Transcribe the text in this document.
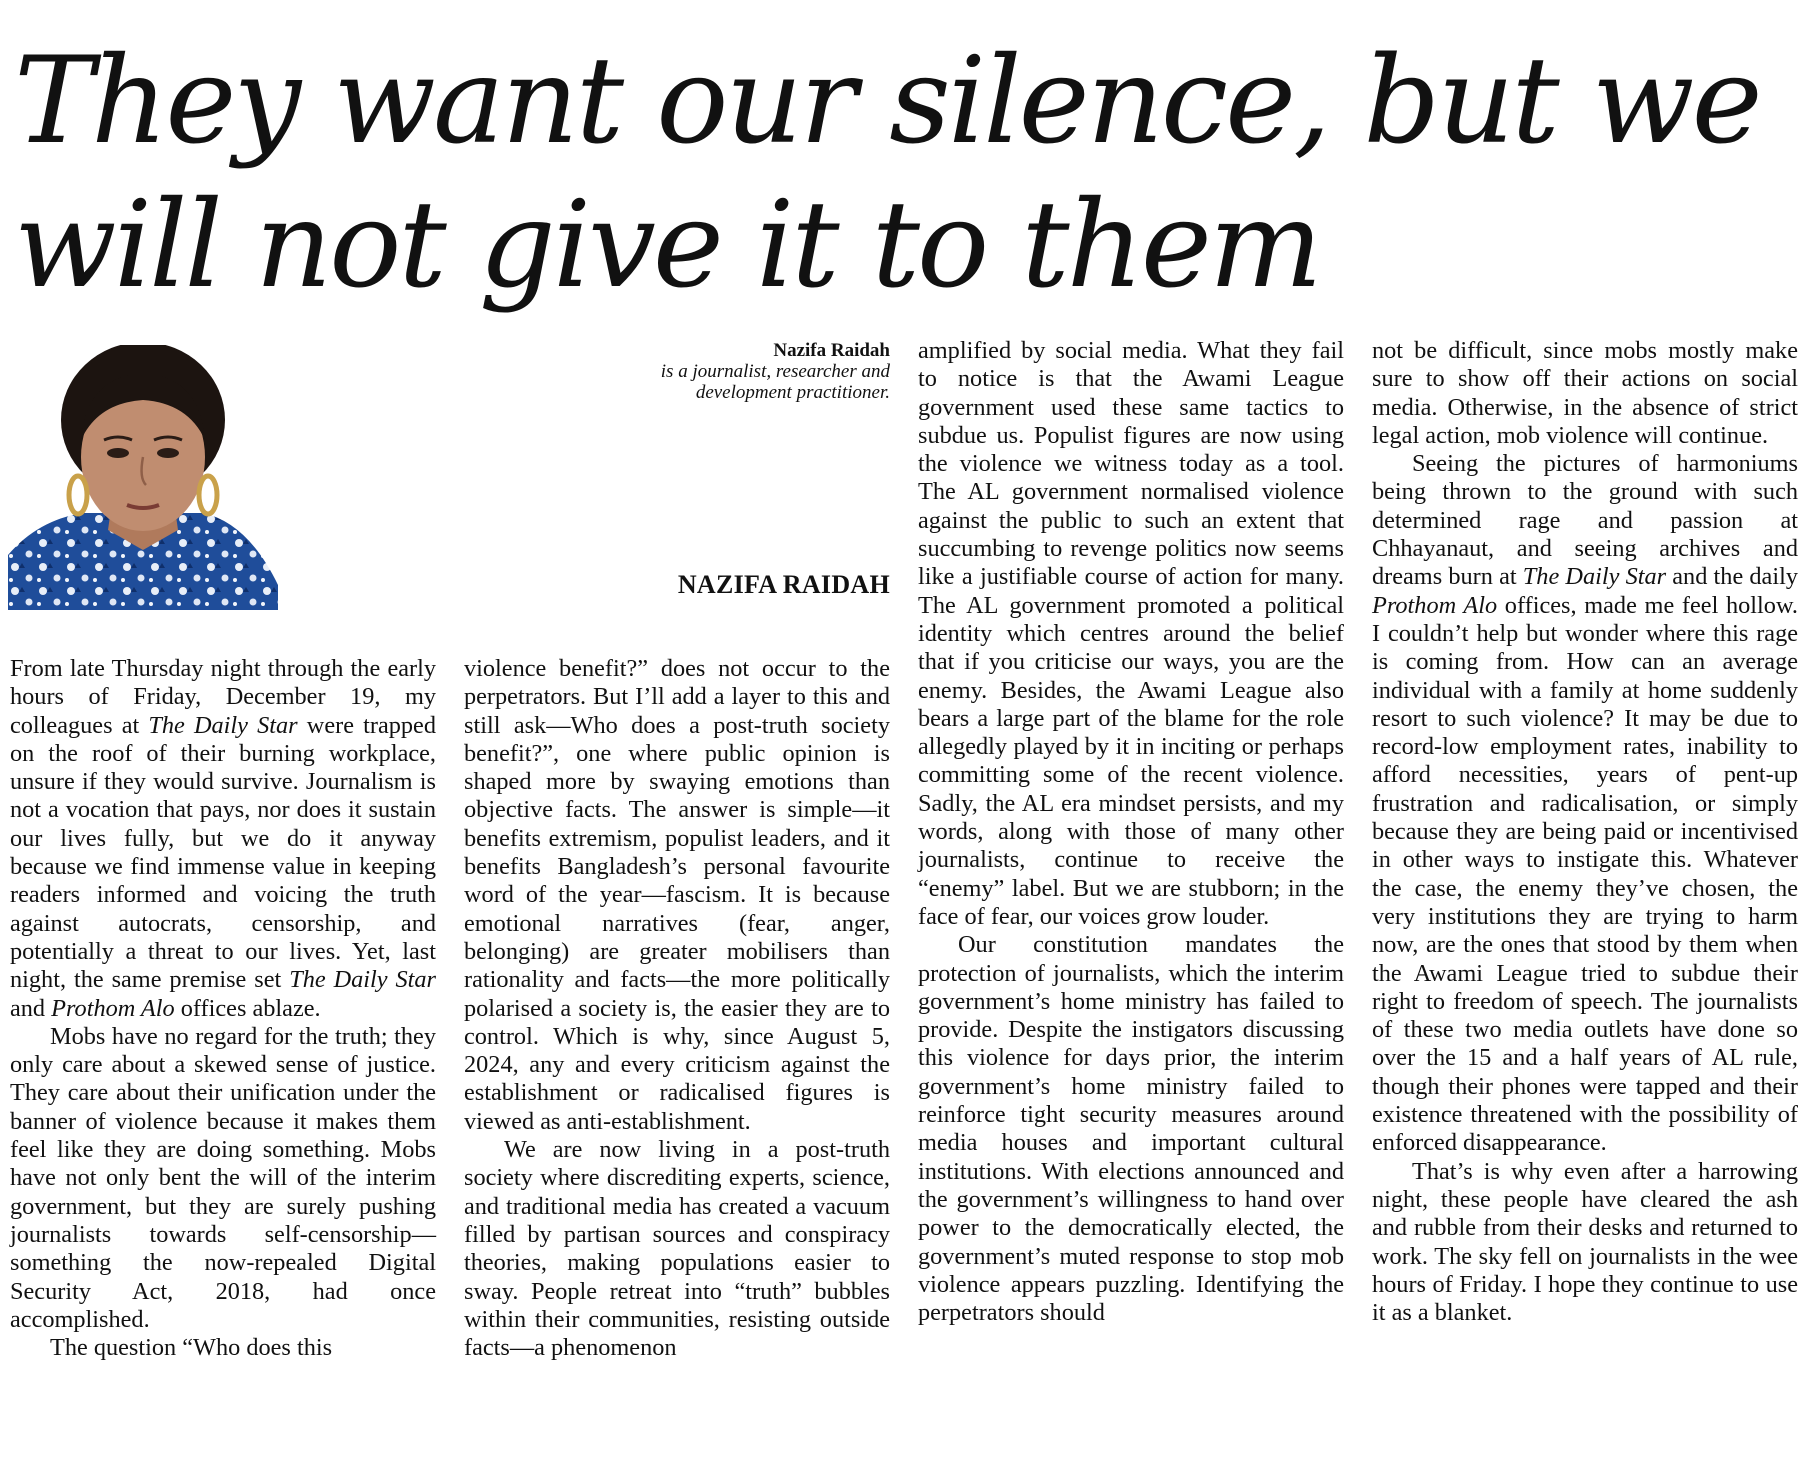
They want our silence, but we will not give it to them
Nazifa Raidah
is a journalist, researcher and
development practitioner.
NAZIFA RAIDAH

From late Thursday night through the early hours of Friday, December 19, my colleagues at The Daily Star were trapped on the roof of their burning workplace, unsure if they would survive. Journalism is not a vocation that pays, nor does it sustain our lives fully, but we do it anyway because we find immense value in keeping readers informed and voicing the truth against autocrats, censorship, and potentially a threat to our lives. Yet, last night, the same premise set The Daily Star and Prothom Alo offices ablaze.

Mobs have no regard for the truth; they only care about a skewed sense of justice. They care about their unification under the banner of violence because it makes them feel like they are doing something. Mobs have not only bent the will of the interim government, but they are surely pushing journalists towards self-censorship—something the now-repealed Digital Security Act, 2018, had once accomplished.

The question “Who does this

violence benefit?” does not occur to the perpetrators. But I’ll add a layer to this and still ask—Who does a post-truth society benefit?”, one where public opinion is shaped more by swaying emotions than objective facts. The answer is simple—it benefits extremism, populist leaders, and it benefits Bangladesh’s personal favourite word of the year—fascism. It is because emotional narratives (fear, anger, belonging) are greater mobilisers than rationality and facts—the more politically polarised a society is, the easier they are to control. Which is why, since August 5, 2024, any and every criticism against the establishment or radicalised figures is viewed as anti-establishment.

We are now living in a post-truth society where discrediting experts, science, and traditional media has created a vacuum filled by partisan sources and conspiracy theories, making populations easier to sway. People retreat into “truth” bubbles within their communities, resisting outside facts—a phenomenon

amplified by social media. What they fail to notice is that the Awami League government used these same tactics to subdue us. Populist figures are now using the violence we witness today as a tool. The AL government normalised violence against the public to such an extent that succumbing to revenge politics now seems like a justifiable course of action for many. The AL government promoted a political identity which centres around the belief that if you criticise our ways, you are the enemy. Besides, the Awami League also bears a large part of the blame for the role allegedly played by it in inciting or perhaps committing some of the recent violence. Sadly, the AL era mindset persists, and my words, along with those of many other journalists, continue to receive the “enemy” label. But we are stubborn; in the face of fear, our voices grow louder.

Our constitution mandates the protection of journalists, which the interim government’s home ministry has failed to provide. Despite the instigators discussing this violence for days prior, the interim government’s home ministry failed to reinforce tight security measures around media houses and important cultural institutions. With elections announced and the government’s willingness to hand over power to the democratically elected, the government’s muted response to stop mob violence appears puzzling. Identifying the perpetrators should

not be difficult, since mobs mostly make sure to show off their actions on social media. Otherwise, in the absence of strict legal action, mob violence will continue.

Seeing the pictures of harmoniums being thrown to the ground with such determined rage and passion at Chhayanaut, and seeing archives and dreams burn at The Daily Star and the daily Prothom Alo offices, made me feel hollow. I couldn’t help but wonder where this rage is coming from. How can an average individual with a family at home suddenly resort to such violence? It may be due to record-low employment rates, inability to afford necessities, years of pent-up frustration and radicalisation, or simply because they are being paid or incentivised in other ways to instigate this. Whatever the case, the enemy they’ve chosen, the very institutions they are trying to harm now, are the ones that stood by them when the Awami League tried to subdue their right to freedom of speech. The journalists of these two media outlets have done so over the 15 and a half years of AL rule, though their phones were tapped and their existence threatened with the possibility of enforced disappearance.

That’s is why even after a harrowing night, these people have cleared the ash and rubble from their desks and returned to work. The sky fell on journalists in the wee hours of Friday. I hope they continue to use it as a blanket.
